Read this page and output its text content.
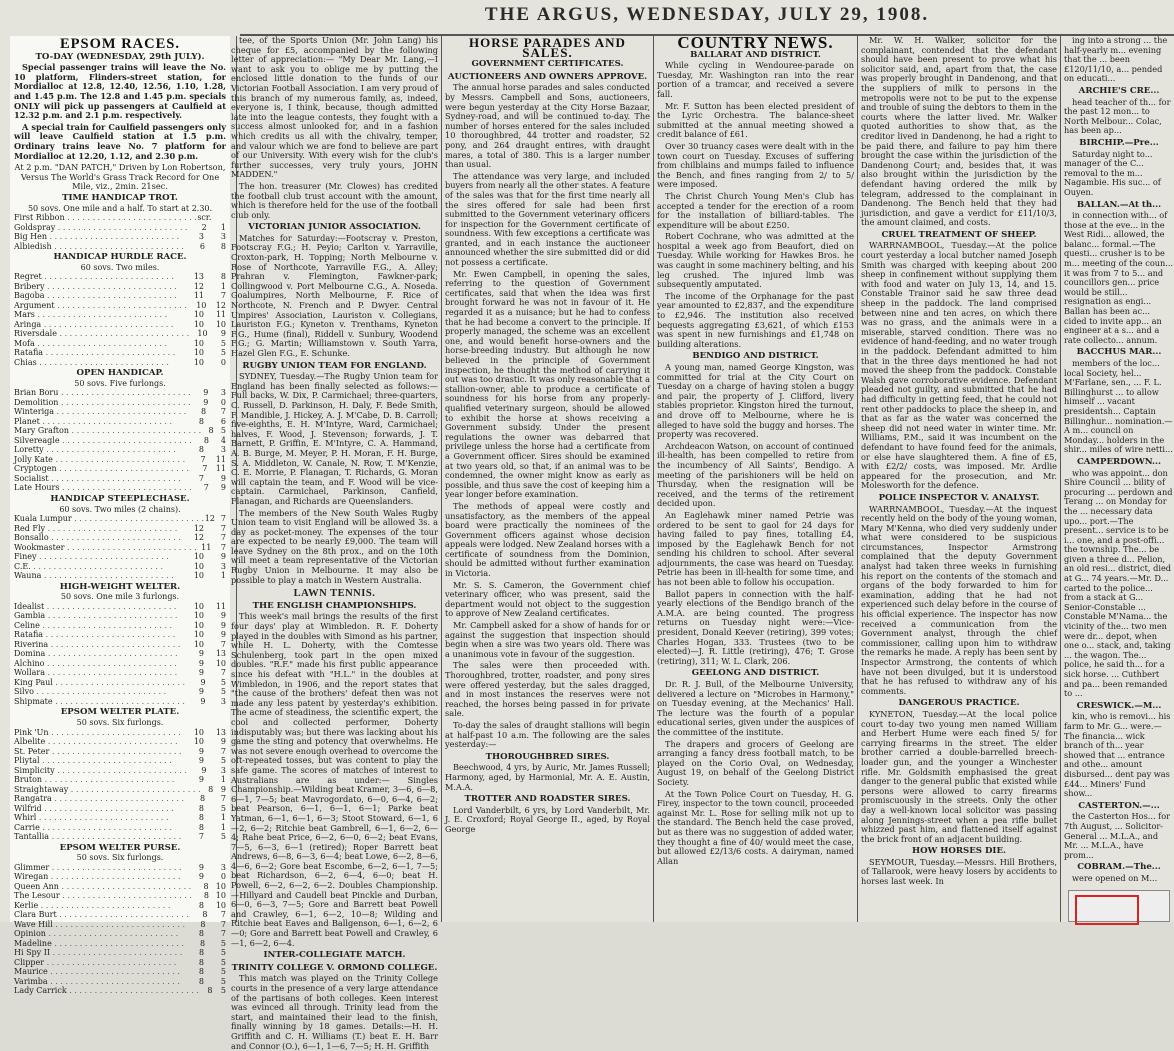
THE ARGUS, WEDNESDAY, JULY 29, 1908.
EPSOM RACES.
TO-DAY (WEDNESDAY, 29th JULY).

Special passenger trains will leave the No. 10 platform, Flinders-street station, for Mordialloc at 12.8, 12.40, 12.56, 1.10, 1.28, and 1.45 p.m. The 12.8 and 1.45 p.m. specials ONLY will pick up passengers at Caulfield at 12.32 p.m. and 2.1 p.m. respectively.

A special train for Caulfield passengers only will leave Caulfield station at 1.5 p.m. Ordinary trains leave No. 7 platform for Mordialloc at 12.20, 1.12, and 2.30 p.m.

At 2 p.m. "DAN PATCH," Driven by Lon Robertson, Versus The World's Grass Track Record for One Mile, viz., 2min. 21sec.
TIME HANDICAP TROT.
50 sovs. One mile and a half. To start at 2.30.
First Ribbon . . .	scr.
Goldspray . . .	2	1
Big Hen . . .	3	3
Albiedish . . .	6	8
HANDICAP HURDLE RACE.
60 sovs. Two miles.
Regret . . .	13	8
Bribery . . .	12	1
Bagoba . . .	11	7
Argument . . .	10	12
Mars . . .	10	11
Aringa . . .	10	10
Riversdale . . .	10	9
Mofa . . .	10	5
Ratafia . . .	10	5
Chias . . .	10	0
OPEN HANDICAP.
50 sovs. Five furlongs.
Brian Boru . . .	9	3
Demolition . . .	9	0
Winteriga . . .	8	7
Planet . . .	8	6
Mary Grafton . . .	8 5
Silvereagle . . .	8	4
Loretty . . .	8	3
Jolly Kate . . .	7	11
Cryptogen . . .	7	11
Socialist . . .	7	9
Late Hours . . .	7	9
HANDICAP STEEPLECHASE.
60 sovs. Two miles (2 chains).
Kuala Lumpur . . .	12 7
Red Fly . . .	12	7
Bonsallo . . .	12	7
Wookmaster . . .	11	7
Finey . . .	10	9
C.E. . . .	10	3
Wauna . . .	10	1
HIGH-WEIGHT WELTER.
50 sovs. One mile 3 furlongs.
Idealist . . .	10	11
Gambia . . .	10	9
Celine . . .	10	9
Ratafia . . .	10	9
Riverina . . .	10	7
Domina . . .	9	13
Alchino . . .	9	10
Wollara . . .	9	7
King Paul . . .	9	5
Silvo . . .	9	5
Shipmate . . .	9	3
EPSOM WELTER PLATE.
50 sovs. Six furlongs.
Pink 'Un . . .	10	13
Albelite . . .	10	9
St. Peter . . .	9	7
Pliytal . . .	9	5
Simplicity . . .	9	3
Bruton . . .	9	1
Straightaway . . .	8 9
Rangatra . . .	8	7
Wilfrid . . .	8	5
Whirl . . .	8	1
Carrie . . .	8	1
Tantallia . . .	7	5
EPSOM WELTER PURSE.
50 sovs. Six furlongs.
Glimmer . . .	9	3
Wiregan . . .	9	0
Queen Ann . . .	8 10
The Lesour . . .	8 10
Kerlie . . .	8	10
Clara Burt . . .	8	7
Wave Hill . . .	8	7
Opinion . . .	8	7
Madeline . . .	8	5
Hi Spy II . . .	8	5
Clipper . . .	8	5
Maurice . . .	8	5
Varimba . . .	8	5
Lady Carrick . . .	8	5

tee, of the Sports Union (Mr. John Lang) his cheque for £5, accompanied by the following letter of appreciation:— "My Dear Mr. Lang,—I want to ask you to oblige me by putting the enclosed little donation to the funds of our Victorian Football Association. I am very proud of this branch of my numerous family, as, indeed, everyone is, I think, because, though admitted late into the league contests, they fought with a success almost unlooked for, and in a fashion which credits us all with the chivalry, temper, and valour which we are fond to believe are part of our University. With every wish for the club's further successes, very truly yours, JOHN MADDEN."

The hon. treasurer (Mr. Clowes) has credited the football club trust account with the amount, which is therefore held for the use of the football club only.

VICTORIAN JUNIOR ASSOCIATION.

Matches for Saturday:—Footscray v. Preston, Footscray F.G.; H. Peyio; Carlton v. Yarraville, Croxton-park, H. Topping; North Melbourne v. Rose of Northcote, Yarraville F.G., A. Alley; Prahran v. Flemington, Fawkner-park; Collingwood v. Port Melbourne C.G., A. Noseda. Goalumpires, North Melbourne, F. Rice of Northcote, N. French and P. Dwyer. Central Umpires' Association, Lauriston v. Collegians, Lauriston F.G.; Kyneton v. Trenthams, Kyneton F.G., Hume (final), Riddell v. Sunbury, Woodend F.G.; G. Martin; Williamstown v. South Yarra, Hazel Glen F.G., E. Schunke.

RUGBY UNION TEAM FOR ENGLAND.

SYDNEY, Tuesday.—The Rugby Union team for England has been finally selected as follows:—Full backs, W. Dix, P. Carmichael; three-quarters, C. Russell, D. Parkinson, H. Daly, F. Bede Smith, F. Mandible, J. Hickey, A. J. M'Cabe, D. B. Carroll; five-eighths, E. H. M'Intyre, Ward, Carmichael; halves, F. Wood, J. Stevenson; forwards, J. T. Barnett, P. Griffin, E. M'Intyre, C. A. Hammand, A. B. Burge, M. Meyer, P. H. Moran, F. H. Burge, S. A. Middleton, W. Canale, N. Row, T. M'Kenzie, C. E. Morrie, P. Flanagan, T. Richards, G. Moran will captain the team, and F. Wood will be vice-captain. Carmichael, Parkinson, Canfield, Flanagan, and Richards are Queenslanders.

The members of the New South Wales Rugby Union team to visit England will be allowed 3s. a day as pocket-money. The expenses of the tour are expected to be nearly £9,000. The team will leave Sydney on the 8th prox., and on the 10th will meet a team representative of the Victorian Rugby Union in Melbourne. It may also be possible to play a match in Western Australia.

LAWN TENNIS.
THE ENGLISH CHAMPIONSHIPS.

This week's mail brings the results of the first four days' play at Wimbledon. R. F. Doherty played in the doubles with Simond as his partner, while H. L. Doherty, with the Comtesse Schulenberg, took part in the open mixed doubles. "R.F." made his first public appearance since his defeat with "H.L." in the doubles at Wimbledon, in 1906, and the report states that "the cause of the brothers' defeat then was not made any less patent by yesterday's exhibition. The acme of steadiness, the scientific expert, the cool and collected performer, Doherty indisputably was; but there was lacking about his game the sting and potency that overwhelms. He was not severe enough overhead to overcome the oft-repeated tosses, but was content to play the safe game. The scores of matches of interest to Australians are as under:— Singles Championship.—Wilding beat Kramer, 3—6, 6—8, 6—1, 7—5; beat Mavrogordato, 6—0, 6—4, 6—2; beat Pearson, 6—1, 6—1, 6—1; Parke beat Yatman, 6—1, 6—1, 6—3; Stoot Stoward, 6—1, 6—2, 6—2; Ritchie beat Gambrell, 6—1, 6—2, 6—4; Rahe beat Price, 6—2, 6—0, 6—2; beat Evans, 7—5, 6—3, 6—1 (retired); Roper Barrett beat Andrews, 6—8, 6—3, 6—4; beat Lowe, 6—2, 8—6, 4—6, 6—2; Gore beat Escombe, 6—2, 6—1, 7—5; beat Richardson, 6—2, 6—4, 6—0; beat H. Powell, 6—2, 6—2, 6—2. Doubles Championship.—Hillyard and Caudell beat Pinckle and Durban, 6—0, 6—3, 7—5; Gore and Barrett beat Powell and Crawley, 6—1, 6—2, 10—8; Wilding and Ritchie beat Eaves and Ballgenson, 6—1, 6—2, 6—0; Gore and Barrett beat Powell and Crawley, 6—1, 6—2, 6—4.

INTER-COLLEGIATE MATCH.
TRINITY COLLEGE V. ORMOND COLLEGE.

This match was played on the Trinity College courts in the presence of a very large attendance of the partisans of both colleges. Keen interest was evinced all through. Trinity lead from the start, and maintained their lead to the finish, finally winning by 18 games. Details:—H. H. Griffith and C. H. Williams (T.) beat E. H. Barr and Connor (O.), 6—1, 1—6, 7—5; H. H. Griffith

HORSE PARADES AND SALES.
GOVERNMENT CERTIFICATES.
AUCTIONEERS AND OWNERS APPROVE.

The annual horse parades and sales conducted by Messrs. Campbell and Sons, auctioneers, were begun yesterday at the City Horse Bazaar, Sydney-road, and will be continued to-day. The number of horses entered for the sales included 10 thoroughbred, 44 trotter and roadster, 52 pony, and 264 draught entires, with draught mares, a total of 380. This is a larger number than usual.

The attendance was very large, and included buyers from nearly all the other states. A feature of the sales was that for the first time nearly all the sires offered for sale had been first submitted to the Government veterinary officers for inspection for the Government certificate of soundness. With few exceptions a certificate was granted, and in each instance the auctioneer announced whether the sire submitted did or did not possess a certificate.

Mr. Ewen Campbell, in opening the sales, referring to the question of Government certificates, said that when the idea was first brought forward he was not in favour of it. He regarded it as a nuisance; but he had to confess that he had become a convert to the principle. If properly managed, the scheme was an excellent one, and would benefit horse-owners and the horse-breeding industry. But although he now believed in the principle of Government inspection, he thought the method of carrying it out was too drastic. It was only reasonable that a stallion-owner, able to produce a certificate of soundness for his horse from any properly-qualified veterinary surgeon, should be allowed to exhibit the horse at shows receiving a Government subsidy. Under the present regulations the owner was debarred that privilege unless the horse had a certificate from a Government officer. Sires should be examined at two years old, so that, if an animal was to be condemned, the owner might know as early as possible, and thus save the cost of keeping him a year longer before examination.

The methods of appeal were costly and unsatisfactory, as the members of the appeal board were practically the nominees of the Government officers against whose decision appeals were lodged. New Zealand horses with a certificate of soundness from the Dominion, should be admitted without further examination in Victoria.

Mr. S. S. Cameron, the Government chief veterinary officer, who was present, said the department would not object to the suggestion to approve of New Zealand certificates.

Mr. Campbell asked for a show of hands for or against the suggestion that inspection should begin when a sire was two years old. There was a unanimous vote in favour of the suggestion.

The sales were then proceeded with. Thoroughbred, trotter, roadster, and pony sires were offered yesterday, but the sales dragged, and in most instances the reserves were not reached, the horses being passed in for private sale.

To-day the sales of draught stallions will begin at half-past 10 a.m. The following are the sales yesterday:—

THOROUGHBRED SIRES.

Beechwood, 4 yrs, by Auric, Mr. James Russell; Harmony, aged, by Harmonial, Mr. A. E. Austin, M.A.A.

TROTTER AND ROADSTER SIRES.

Lord Vanderbilt, 6 yrs, by Lord Vanderbilt, Mr. J. E. Croxford; Royal George II., aged, by Royal George

COUNTRY NEWS.
BALLARAT AND DISTRICT.

While cycling in Wendouree-parade on Tuesday, Mr. Washington ran into the rear portion of a tramcar, and received a severe fall.

Mr. F. Sutton has been elected president of the Lyric Orchestra. The balance-sheet submitted at the annual meeting showed a credit balance of £61.

Over 30 truancy cases were dealt with in the town court on Tuesday. Excuses of suffering from chilblains and mumps failed to influence the Bench, and fines ranging from 2/ to 5/ were imposed.

The Christ Church Young Men's Club has accepted a tender for the erection of a room for the installation of billiard-tables. The expenditure will be about £250.

Robert Cochrane, who was admitted at the hospital a week ago from Beaufort, died on Tuesday. While working for Hawkes Bros. he was caught in some machinery belting, and his leg crushed. The injured limb was subsequently amputated.

The income of the Orphanage for the past year amounted to £2,837, and the expenditure to £2,946. The institution also received bequests aggregating £3,621, of which £153 was spent in new furnishings and £1,748 on building alterations.

BENDIGO AND DISTRICT.

A young man, named George Kingston, was committed for trial at the City Court on Tuesday on a charge of having stolen a buggy and pair, the property of J. Clifford, livery stables proprietor. Kingston hired the turnout, and drove off to Melbourne, where he is alleged to have sold the buggy and horses. The property was recovered.

Archdeacon Watson, on account of continued ill-health, has been compelled to retire from the incumbency of All Saints', Bendigo. A meeting of the parishioners will be held on Thursday, when the resignation will be received, and the terms of the retirement decided upon.

An Eaglehawk miner named Petrie was ordered to be sent to gaol for 24 days for having failed to pay fines, totalling £4, imposed by the Eaglehawk Bench for not sending his children to school. After several adjournments, the case was heard on Tuesday. Petrie has been in ill-health for some time, and has not been able to follow his occupation.

Ballot papers in connection with the half-yearly elections of the Bendigo branch of the A.M.A. are being counted. The progress returns on Tuesday night were:—Vice-president, Donald Keever (retiring), 399 votes; Charles Hogan, 333. Trustees (two to be elected)—J. R. Little (retiring), 476; T. Grose (retiring), 311; W. L. Clark, 206.

GEELONG AND DISTRICT.

Dr. R. J. Bull, of the Melbourne University, delivered a lecture on "Microbes in Harmony," on Tuesday evening, at the Mechanics' Hall. The lecture was the fourth of a popular educational series, given under the auspices of the committee of the institute.

The drapers and grocers of Geelong are arranging a fancy dress football match, to be played on the Corio Oval, on Wednesday, August 19, on behalf of the Geelong District Society.

At the Town Police Court on Tuesday, H. G. Firey, inspector to the town council, proceeded against Mr. L. Rose for selling milk not up to the standard. The Bench held the case proved, but as there was no suggestion of added water, they thought a fine of 40/ would meet the case, but allowed £2/13/6 costs. A dairyman, named Allan

Mr. W. H. Walker, solicitor for the complainant, contended that the defendant should have been present to prove what his solicitor said, and, apart from that, the case was properly brought in Dandenong, and that the suppliers of milk to persons in the metropolis were not to be put to the expense and trouble of suing the debtors to them in the courts where the latter lived. Mr. Walker quoted authorities to show that, as the creditor lived in Dandenong, he had a right to be paid there, and failure to pay him there brought the case within the jurisdiction of the Dandenong Court; and, besides that, it was also brought within the jurisdiction by the defendant having ordered the milk by telegram, addressed to the complainant in Dandenong. The Bench held that they had jurisdiction, and gave a verdict for £11/10/3, the amount claimed, and costs.

CRUEL TREATMENT OF SHEEP.

WARRNAMBOOL, Tuesday.—At the police court yesterday a local butcher named Joseph Smith was charged with keeping about 200 sheep in confinement without supplying them with food and water on July 13, 14, and 15. Constable Trainor said he saw three dead sheep in the paddock. The land comprised between nine and ten acres, on which there was no grass, and the animals were in a miserable, starved condition. There was no evidence of hand-feeding, and no water trough in the paddock. Defendant admitted to him that in the three days mentioned he had not moved the sheep from the paddock. Constable Walsh gave corroborative evidence. Defendant pleaded not guilty, and submitted that he had had difficulty in getting feed, that he could not rent other paddocks to place the sheep in, and that as far as the water was concerned the sheep did not need water in winter time. Mr. Williams, P.M., said it was incumbent on the defendant to have found feed for the animals, or else have slaughtered them. A fine of £5, with £2/2/ costs, was imposed. Mr. Ardlie appeared for the prosecution, and Mr. Molesworth for the defence.

POLICE INSPECTOR V. ANALYST.

WARRNAMBOOL, Tuesday.—At the inquest recently held on the body of the young woman, Mary M'Kenna, who died very suddenly under what were considered to be suspicious circumstances, Inspector Armstrong complained that the deputy Government analyst had taken three weeks in furnishing his report on the contents of the stomach and organs of the body forwarded to him for examination, adding that he had not experienced such delay before in the course of his official experience. The inspector has now received a communication from the Government analyst, through the chief commissioner, calling upon him to withdraw the remarks he made. A reply has been sent by Inspector Armstrong, the contents of which have not been divulged, but it is understood that he has refused to withdraw any of his comments.

DANGEROUS PRACTICE.

KYNETON, Tuesday.—At the local police court to-day two young men named William and Herbert Hume were each fined 5/ for carrying firearms in the street. The elder brother carried a double-barrelled breech-loader gun, and the younger a Winchester rifle. Mr. Goldsmith emphasised the great danger to the general public that existed while persons were allowed to carry firearms promiscuously in the streets. Only the other day a well-known local solicitor was passing along Jennings-street when a pea rifle bullet whizzed past him, and flattened itself against the brick front of an adjacent building.

HOW HORSES DIE.

SEYMOUR, Tuesday.—Messrs. Hill Brothers, of Tallarook, were heavy losers by accidents to horses last week. In

ing into a strong ... the half-yearly m... evening that the ... been £120/11/10, a... pended on educati...

ARCHIE'S CRE...

head teacher of th... for the past 12 mon... to North Melbour... Colac, has been ap...

BIRCHIP.—Pre...

Saturday night to... manager of the C... removal to the m... Nagambie. His suc... of Ouyen.

BALLAN.—At th...

in connection with... of those at the eve... in the West Ridi... allowed, the balanc... formal.—The questi... crusher is to be m... meeting of the coun... it was from 7 to 5... and councillors gen... price would be still... resignation as engi... Ballan has been ac... cided to invite app... an engineer at a s... and a rate collecto... annum.

BACCHUS MAR...

members of the loc... local Society, hel... M'Farlane, sen., ... F. L. Billinghurst ... to allow himself ... vacant presidentsh... Captain Billinghur... nomination.—A m... council on Monday... holders in the shir... miles of wire netti...

CAMPERDOWN...

who was appoint... don Shire Council ... bility of procuring ... perdown and Terang ... on Monday for the ... necessary data upo... port.—The present... service is to be i... one, and a post-offi... the township. The... be given a three d... Pelion, an old resi... district, died at G... 74 years.—Mr. D... carted to the police... from a stack at G... Senior-Constable ... Constable M'Nama... the vicinity of the... two men were dr... depot, when one o... stack, and, taking ... the wagon. The... police, he said th... for a sick horse. ... Cuthbert and pa... been remanded to ...

CRESWICK.—M...

kin, who is removi... his farm to Mr. G... were.—The financia... wick branch of th... year showed that ... entrance and othe... amount disbursed... dent pay was £44... Miners' Fund show...

CASTERTON.—...

the Casterton Hos... for 7th August, ... Solicitor-General ... M.L.A., and Mr. ... M.L.A., have prom...

COBRAM.—The...

were opened on M...
